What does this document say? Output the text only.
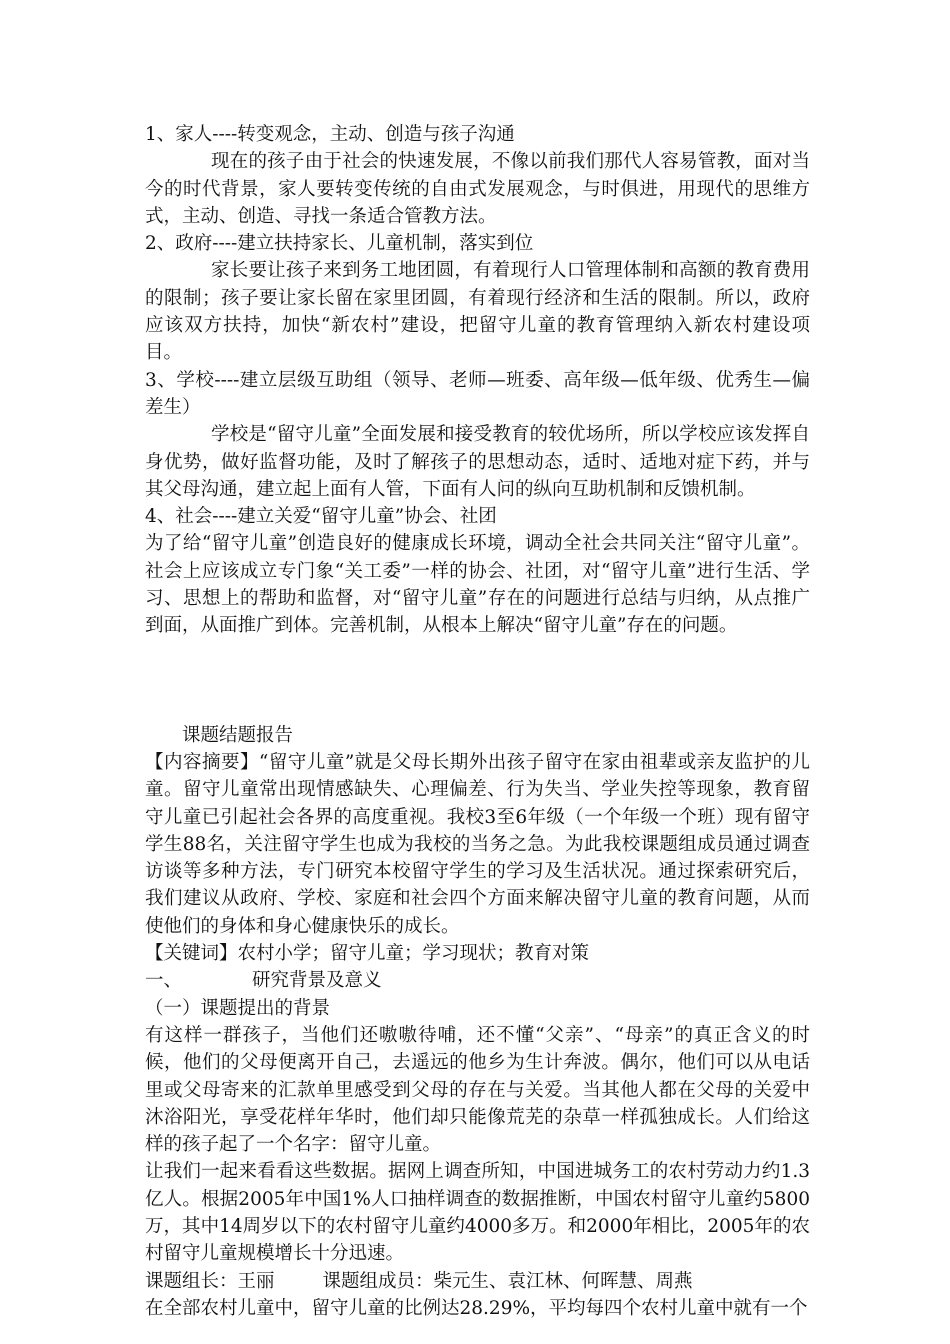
1、家人----转变观念，主动、创造与孩子沟通

现在的孩子由于社会的快速发展，不像以前我们那代人容易管教，面对当今的时代背景，家人要转变传统的自由式发展观念，与时俱进，用现代的思维方式，主动、创造、寻找一条适合管教方法。

2、政府----建立扶持家长、儿童机制，落实到位

家长要让孩子来到务工地团圆，有着现行人口管理体制和高额的教育费用的限制；孩子要让家长留在家里团圆，有着现行经济和生活的限制。所以，政府应该双方扶持，加快“新农村”建设，把留守儿童的教育管理纳入新农村建设项目。

3、学校----建立层级互助组（领导、老师—班委、高年级—低年级、优秀生—偏差生）

学校是“留守儿童”全面发展和接受教育的较优场所，所以学校应该发挥自身优势，做好监督功能，及时了解孩子的思想动态，适时、适地对症下药，并与其父母沟通，建立起上面有人管，下面有人问的纵向互助机制和反馈机制。

4、社会----建立关爱“留守儿童”协会、社团

为了给“留守儿童”创造良好的健康成长环境，调动全社会共同关注“留守儿童”。社会上应该成立专门象“关工委”一样的协会、社团，对“留守儿童”进行生活、学习、思想上的帮助和监督，对“留守儿童”存在的问题进行总结与归纳，从点推广到面，从面推广到体。完善机制，从根本上解决“留守儿童”存在的问题。

课题结题报告

【内容摘要】“留守儿童”就是父母长期外出孩子留守在家由祖辈或亲友监护的儿童。留守儿童常出现情感缺失、心理偏差、行为失当、学业失控等现象，教育留守儿童已引起社会各界的高度重视。我校3至6年级（一个年级一个班）现有留守学生88名，关注留守学生也成为我校的当务之急。为此我校课题组成员通过调查访谈等多种方法，专门研究本校留守学生的学习及生活状况。通过探索研究后，我们建议从政府、学校、家庭和社会四个方面来解决留守儿童的教育问题，从而使他们的身体和身心健康快乐的成长。

【关键词】农村小学；留守儿童；学习现状；教育对策

一、	研究背景及意义

（一）课题提出的背景

有这样一群孩子，当他们还嗷嗷待哺，还不懂“父亲”、“母亲”的真正含义的时候，他们的父母便离开自己，去遥远的他乡为生计奔波。偶尔，他们可以从电话里或父母寄来的汇款单里感受到父母的存在与关爱。当其他人都在父母的关爱中沐浴阳光，享受花样年华时，他们却只能像荒芜的杂草一样孤独成长。人们给这样的孩子起了一个名字：留守儿童。

让我们一起来看看这些数据。据网上调查所知，中国进城务工的农村劳动力约1.3亿人。根据2005年中国1%人口抽样调查的数据推断，中国农村留守儿童约5800万，其中14周岁以下的农村留守儿童约4000多万。和2000年相比，2005年的农村留守儿童规模增长十分迅速。

课题组长：王丽	课题组成员：柴元生、袁江林、何晖慧、周燕

在全部农村儿童中，留守儿童的比例达28.29%，平均每四个农村儿童中就有一个
